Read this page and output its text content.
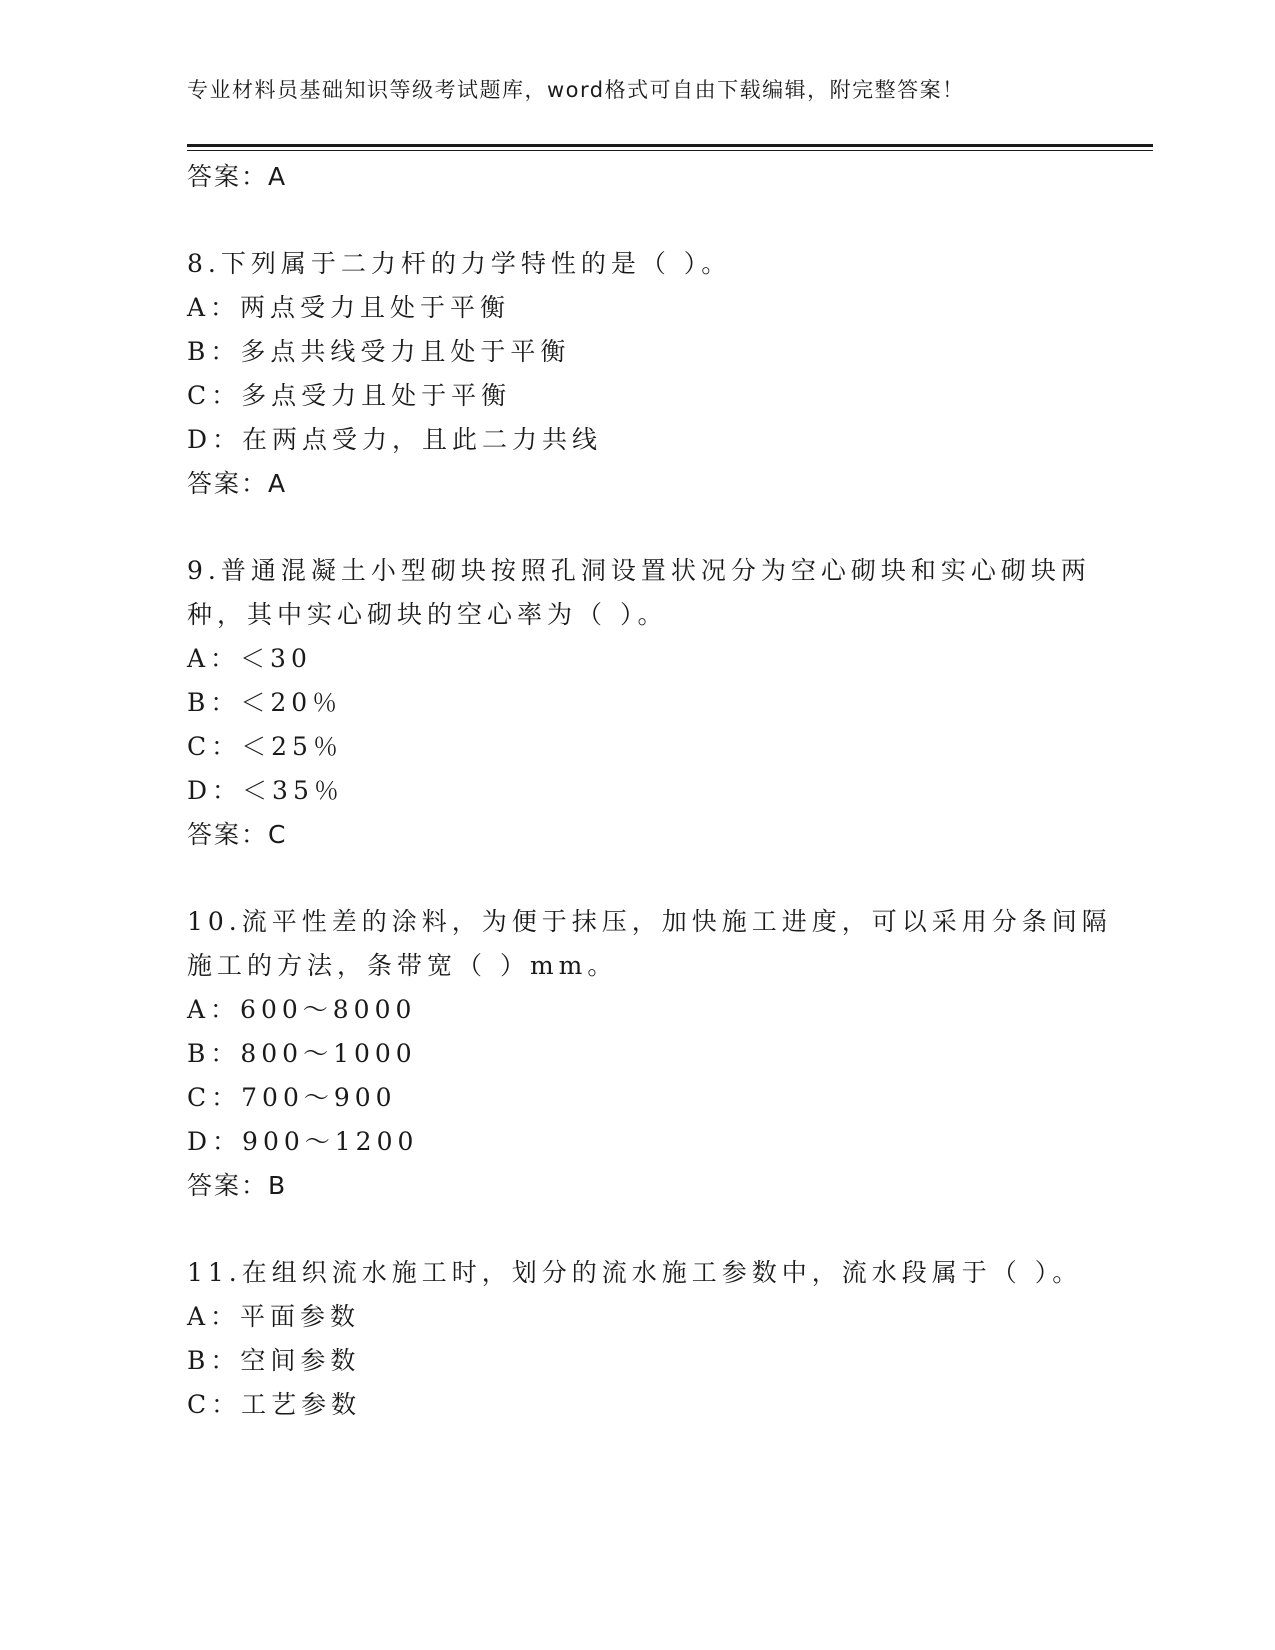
专业材料员基础知识等级考试题库，word格式可自由下载编辑，附完整答案！
答案：A
8.下列属于二力杆的力学特性的是（ ）。
A：两点受力且处于平衡
B：多点共线受力且处于平衡
C：多点受力且处于平衡
D：在两点受力，且此二力共线
答案：A
9.普通混凝土小型砌块按照孔洞设置状况分为空心砌块和实心砌块两
种，其中实心砌块的空心率为（ ）。
A：＜30
B：＜20％
C：＜25％
D：＜35％
答案：C
10.流平性差的涂料，为便于抹压，加快施工进度，可以采用分条间隔
施工的方法，条带宽（ ）mm。
A：600～8000
B：800～1000
C：700～900
D：900～1200
答案：B
11.在组织流水施工时，划分的流水施工参数中，流水段属于（ ）。
A：平面参数
B：空间参数
C：工艺参数
